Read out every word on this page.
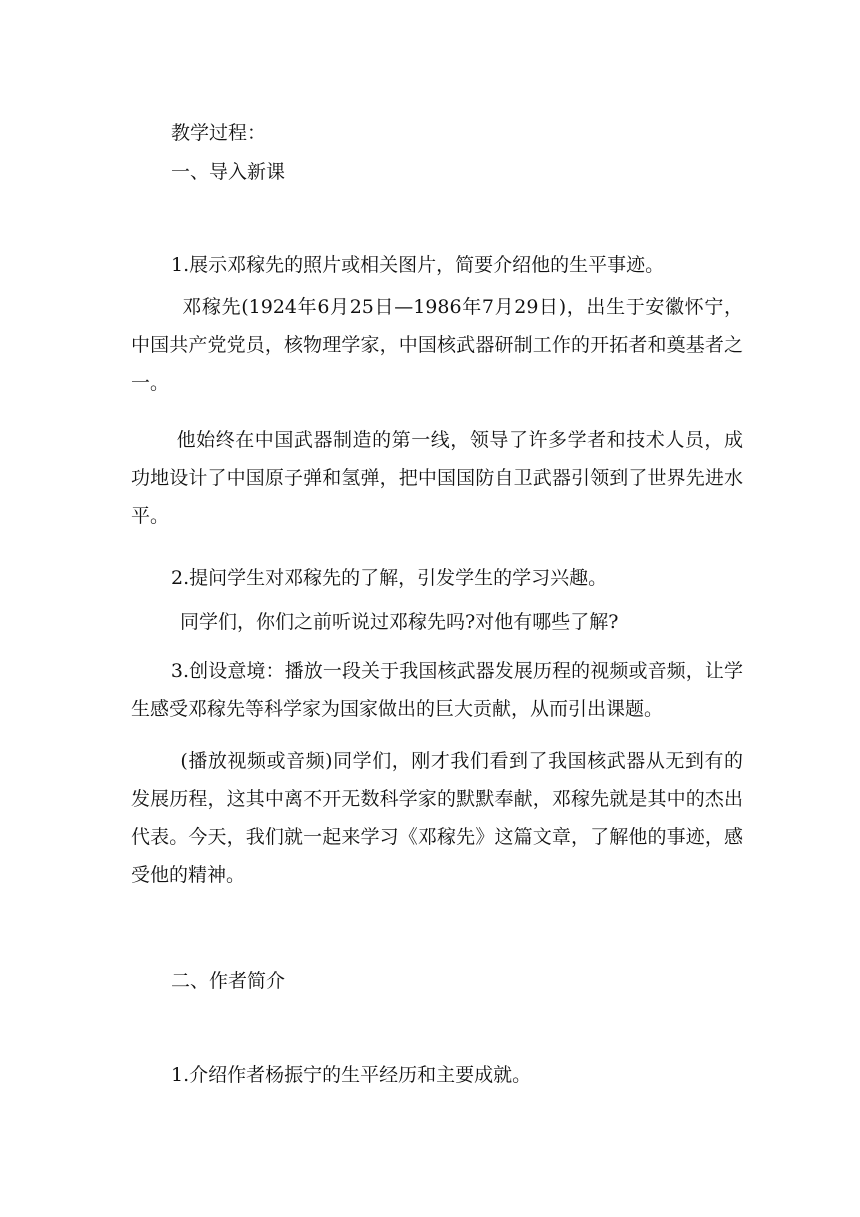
教学过程：
一、导入新课
1.展示邓稼先的照片或相关图片，简要介绍他的生平事迹。
邓稼先(1924年6月25日—1986年7月29日)，出生于安徽怀宁，中国共产党党员，核物理学家，中国核武器研制工作的开拓者和奠基者之一。
他始终在中国武器制造的第一线，领导了许多学者和技术人员，成功地设计了中国原子弹和氢弹，把中国国防自卫武器引领到了世界先进水平。
2.提问学生对邓稼先的了解，引发学生的学习兴趣。
同学们，你们之前听说过邓稼先吗?对他有哪些了解?
3.创设意境：播放一段关于我国核武器发展历程的视频或音频，让学生感受邓稼先等科学家为国家做出的巨大贡献，从而引出课题。
(播放视频或音频)同学们，刚才我们看到了我国核武器从无到有的发展历程，这其中离不开无数科学家的默默奉献，邓稼先就是其中的杰出代表。今天，我们就一起来学习《邓稼先》这篇文章，了解他的事迹，感受他的精神。
二、作者简介
1.介绍作者杨振宁的生平经历和主要成就。
